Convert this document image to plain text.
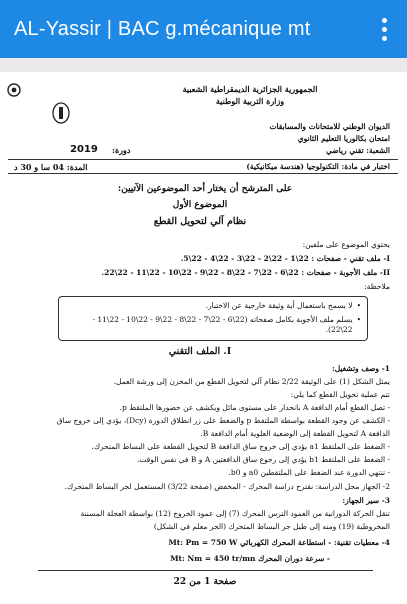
AL-Yassir | BAC g.mécanique mt
الجمهورية الجزائرية الديمقراطية الشعبية
وزارة التربية الوطنية
الديوان الوطني للامتحانات والمسابقات
امتحان بكالوريا التعليم الثانوي
2019 دورة:	الشعبة: تقني رياضي
المدة: 04 سا و 30 د	اختبار في مادة: التكنولوجيا (هندسة ميكانيكية)
على المترشح أن يختار أحد الموضوعين الآتيين:
الموضوع الأول
نظام آلي لتحويل القطع
يحتوي الموضوع على ملفين:
I- ملف تقني - صفحات : 22\1 - 22\2 - 22\3 - 22\4 - 22\5.
II- ملف الأجوبة - صفحات : 22\6 - 22\7 - 22\8 - 22\9 - 22\10 - 22\11 - 22\22.
ملاحظة:
• لا يسمح باستعمال أية وثيقة خارجية عن الاختبار.
• يسلم ملف الأجوبة بكامل صفحاته (22\6 - 22\7 - 22\8 - 22\9 - 22\10 - 22\11 - 22\22).
I. الملف التقني
1- وصف وتشغيل:
يمثل الشكل (1) على الوثيقة 2/22 نظام آلي لتحويل القطع من المخزن إلى ورشة العمل.
تتم عملية تحويل القطع كما يلي:
- تصل القطع أمام الدافعة A بانحدار على مستوى مائل ويكشف عن حضورها الملتقط p.
- الكشف عن وجود القطعة بواسطة الملتقط p والضغط على زر انطلاق الدورة (Dcy)، يؤدي إلى خروج ساق
الدافعة A لتحويل القطعة إلى الوضعية العلوية أمام الدافعة B.
- الضغط على الملتقط a1 يؤدي إلى خروج ساق الدافعة B لتحويل القطعة على البساط المتحرك.
- الضغط على الملتقط b1 يؤدي إلى رجوع ساق الدافعتين A و B في نفس الوقت.
- تنتهي الدورة عند الضغط على الملتقطين a0 و b0.
2- الجهاز محل الدراسة: نقترح دراسة المحرك - المخفض (صفحة 3/22) المستعمل لجر البساط المتحرك.
3- سير الجهاز:
تنقل الحركة الدورانية من العمود الترس المحرك (7) إلى عمود الخروج (12) بواسطة العجلة المسننة
المخروطية (19) ومنه إلى طبل جر البساط المتحرك (الجر معلم في الشكل)
4- معطيات تقنية: - استطاعة المحرك الكهربائي Mt: Pm = 750 W
- سرعة دوران المحرك Mt: Nm = 450 tr/mn
صفحة 1 من 22
